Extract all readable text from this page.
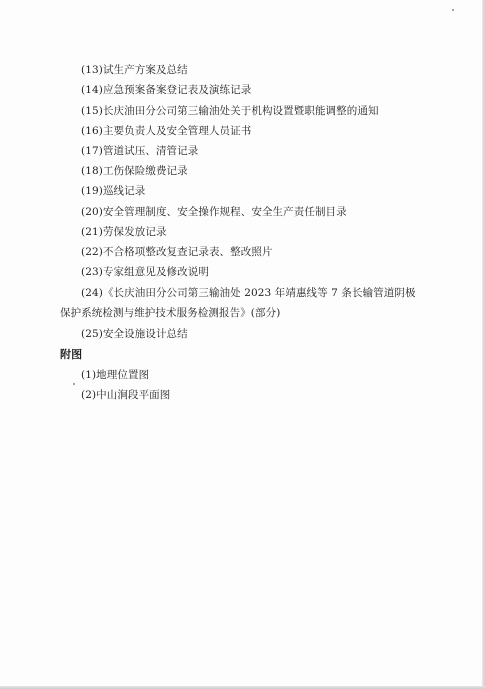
(13)试生产方案及总结
(14)应急预案备案登记表及演练记录
(15)长庆油田分公司第三输油处关于机构设置暨职能调整的通知
(16)主要负责人及安全管理人员证书
(17)管道试压、清管记录
(18)工伤保险缴费记录
(19)巡线记录
(20)安全管理制度、安全操作规程、安全生产责任制目录
(21)劳保发放记录
(22)不合格项整改复查记录表、整改照片
(23)专家组意见及修改说明
(24)《长庆油田分公司第三输油处 2023 年靖惠线等 7 条长输管道阴极
保护系统检测与维护技术服务检测报告》(部分)
(25)安全设施设计总结
附图
(1)地理位置图
(2)中山涧段平面图
